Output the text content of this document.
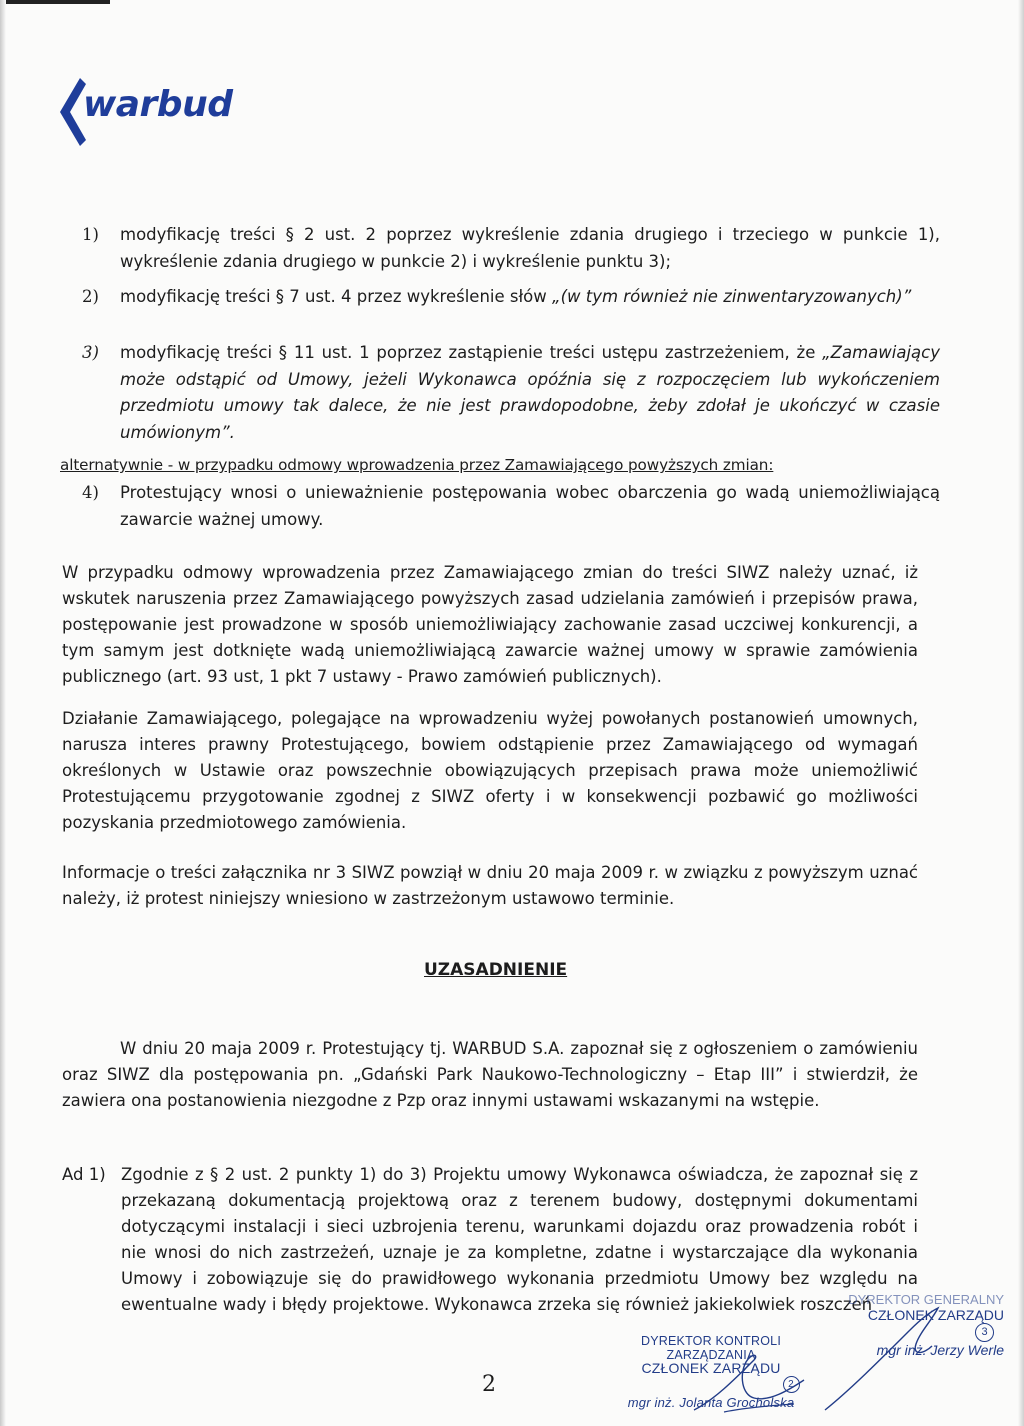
warbud
1) modyfikację treści § 2 ust. 2 poprzez wykreślenie zdania drugiego i trzeciego w punkcie 1), wykreślenie zdania drugiego w punkcie 2) i wykreślenie punktu 3);
2) modyfikację treści § 7 ust. 4 przez wykreślenie słów „(w tym również nie zinwentaryzowanych)”
3) modyfikację treści § 11 ust. 1 poprzez zastąpienie treści ustępu zastrzeżeniem, że „Zamawiający może odstąpić od Umowy, jeżeli Wykonawca opóźnia się z rozpoczęciem lub wykończeniem przedmiotu umowy tak dalece, że nie jest prawdopodobne, żeby zdołał je ukończyć w czasie umówionym”.
alternatywnie - w przypadku odmowy wprowadzenia przez Zamawiającego powyższych zmian:
4) Protestujący wnosi o unieważnienie postępowania wobec obarczenia go wadą uniemożliwiającą zawarcie ważnej umowy.
W przypadku odmowy wprowadzenia przez Zamawiającego zmian do treści SIWZ należy uznać, iż wskutek naruszenia przez Zamawiającego powyższych zasad udzielania zamówień i przepisów prawa, postępowanie jest prowadzone w sposób uniemożliwiający zachowanie zasad uczciwej konkurencji, a tym samym jest dotknięte wadą uniemożliwiającą zawarcie ważnej umowy w sprawie zamówienia publicznego (art. 93 ust, 1 pkt 7 ustawy - Prawo zamówień publicznych).
Działanie Zamawiającego, polegające na wprowadzeniu wyżej powołanych postanowień umownych, narusza interes prawny Protestującego, bowiem odstąpienie przez Zamawiającego od wymagań określonych w Ustawie oraz powszechnie obowiązujących przepisach prawa może uniemożliwić Protestującemu przygotowanie zgodnej z SIWZ oferty i w konsekwencji pozbawić go możliwości pozyskania przedmiotowego zamówienia.
Informacje o treści załącznika nr 3 SIWZ powziął w dniu 20 maja 2009 r. w związku z powyższym uznać należy, iż protest niniejszy wniesiono w zastrzeżonym ustawowo terminie.
UZASADNIENIE
W dniu 20 maja 2009 r. Protestujący tj. WARBUD S.A. zapoznał się z ogłoszeniem o zamówieniu oraz SIWZ dla postępowania pn. „Gdański Park Naukowo-Technologiczny – Etap III” i stwierdził, że zawiera ona postanowienia niezgodne z Pzp oraz innymi ustawami wskazanymi na wstępie.
Ad 1) Zgodnie z § 2 ust. 2 punkty 1) do 3) Projektu umowy Wykonawca oświadcza, że zapoznał się z przekazaną dokumentacją projektową oraz z terenem budowy, dostępnymi dokumentami dotyczącymi instalacji i sieci uzbrojenia terenu, warunkami dojazdu oraz prowadzenia robót i nie wnosi do nich zastrzeżeń, uznaje je za kompletne, zdatne i wystarczające dla wykonania Umowy i zobowiązuje się do prawidłowego wykonania przedmiotu Umowy bez względu na ewentualne wady i błędy projektowe. Wykonawca zrzeka się również jakiekolwiek roszczeń
DYREKTOR GENERALNY
CZŁONEK ZARZĄDU
3
mgr inż. Jerzy Werle
DYREKTOR KONTROLI ZARZĄDZANIA
CZŁONEK ZARZĄDU
2
mgr inż. Jolanta Grocholska
2
